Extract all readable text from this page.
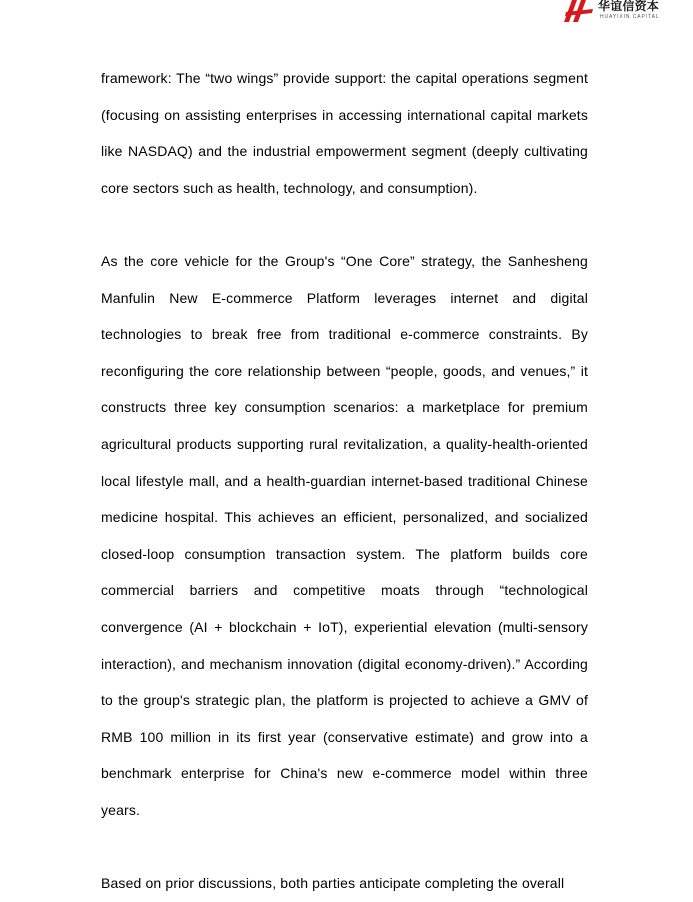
华谊信资本
HUAYIXIN CAPITAL

framework: The “two wings” provide support: the capital operations segment (focusing on assisting enterprises in accessing international capital markets like NASDAQ) and the industrial empowerment segment (deeply cultivating core sectors such as health, technology, and consumption).

As the core vehicle for the Group's “One Core” strategy, the Sanhesheng Manfulin New E-commerce Platform leverages internet and digital technologies to break free from traditional e-commerce constraints. By reconfiguring the core relationship between “people, goods, and venues,” it constructs three key consumption scenarios: a marketplace for premium agricultural products supporting rural revitalization, a quality-health-oriented local lifestyle mall, and a health-guardian internet-based traditional Chinese medicine hospital. This achieves an efficient, personalized, and socialized closed-loop consumption transaction system. The platform builds core commercial barriers and competitive moats through “technological convergence (AI + blockchain + IoT), experiential elevation (multi-sensory interaction), and mechanism innovation (digital economy-driven).” According to the group's strategic plan, the platform is projected to achieve a GMV of RMB 100 million in its first year (conservative estimate) and grow into a benchmark enterprise for China's new e-commerce model within three years.

Based on prior discussions, both parties anticipate completing the overall
